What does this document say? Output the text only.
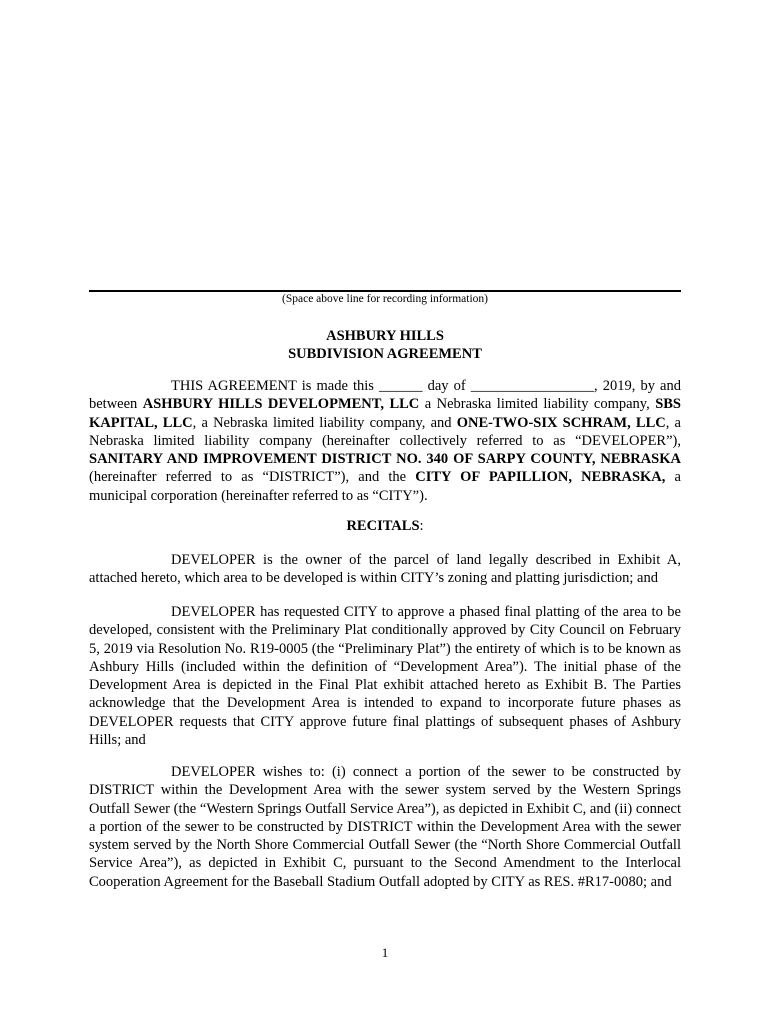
(Space above line for recording information)
ASHBURY HILLS
SUBDIVISION AGREEMENT
THIS AGREEMENT is made this ______ day of _________________, 2019, by and between ASHBURY HILLS DEVELOPMENT, LLC a Nebraska limited liability company, SBS KAPITAL, LLC, a Nebraska limited liability company, and ONE-TWO-SIX SCHRAM, LLC, a Nebraska limited liability company (hereinafter collectively referred to as “DEVELOPER”), SANITARY AND IMPROVEMENT DISTRICT NO. 340 OF SARPY COUNTY, NEBRASKA (hereinafter referred to as “DISTRICT”), and the CITY OF PAPILLION, NEBRASKA, a municipal corporation (hereinafter referred to as “CITY”).
RECITALS:
DEVELOPER is the owner of the parcel of land legally described in Exhibit A, attached hereto, which area to be developed is within CITY’s zoning and platting jurisdiction; and
DEVELOPER has requested CITY to approve a phased final platting of the area to be developed, consistent with the Preliminary Plat conditionally approved by City Council on February 5, 2019 via Resolution No. R19-0005 (the “Preliminary Plat”) the entirety of which is to be known as Ashbury Hills (included within the definition of “Development Area”). The initial phase of the Development Area is depicted in the Final Plat exhibit attached hereto as Exhibit B. The Parties acknowledge that the Development Area is intended to expand to incorporate future phases as DEVELOPER requests that CITY approve future final plattings of subsequent phases of Ashbury Hills; and
DEVELOPER wishes to: (i) connect a portion of the sewer to be constructed by DISTRICT within the Development Area with the sewer system served by the Western Springs Outfall Sewer (the “Western Springs Outfall Service Area”), as depicted in Exhibit C, and (ii) connect a portion of the sewer to be constructed by DISTRICT within the Development Area with the sewer system served by the North Shore Commercial Outfall Sewer (the “North Shore Commercial Outfall Service Area”), as depicted in Exhibit C, pursuant to the Second Amendment to the Interlocal Cooperation Agreement for the Baseball Stadium Outfall adopted by CITY as RES. #R17-0080; and
1
